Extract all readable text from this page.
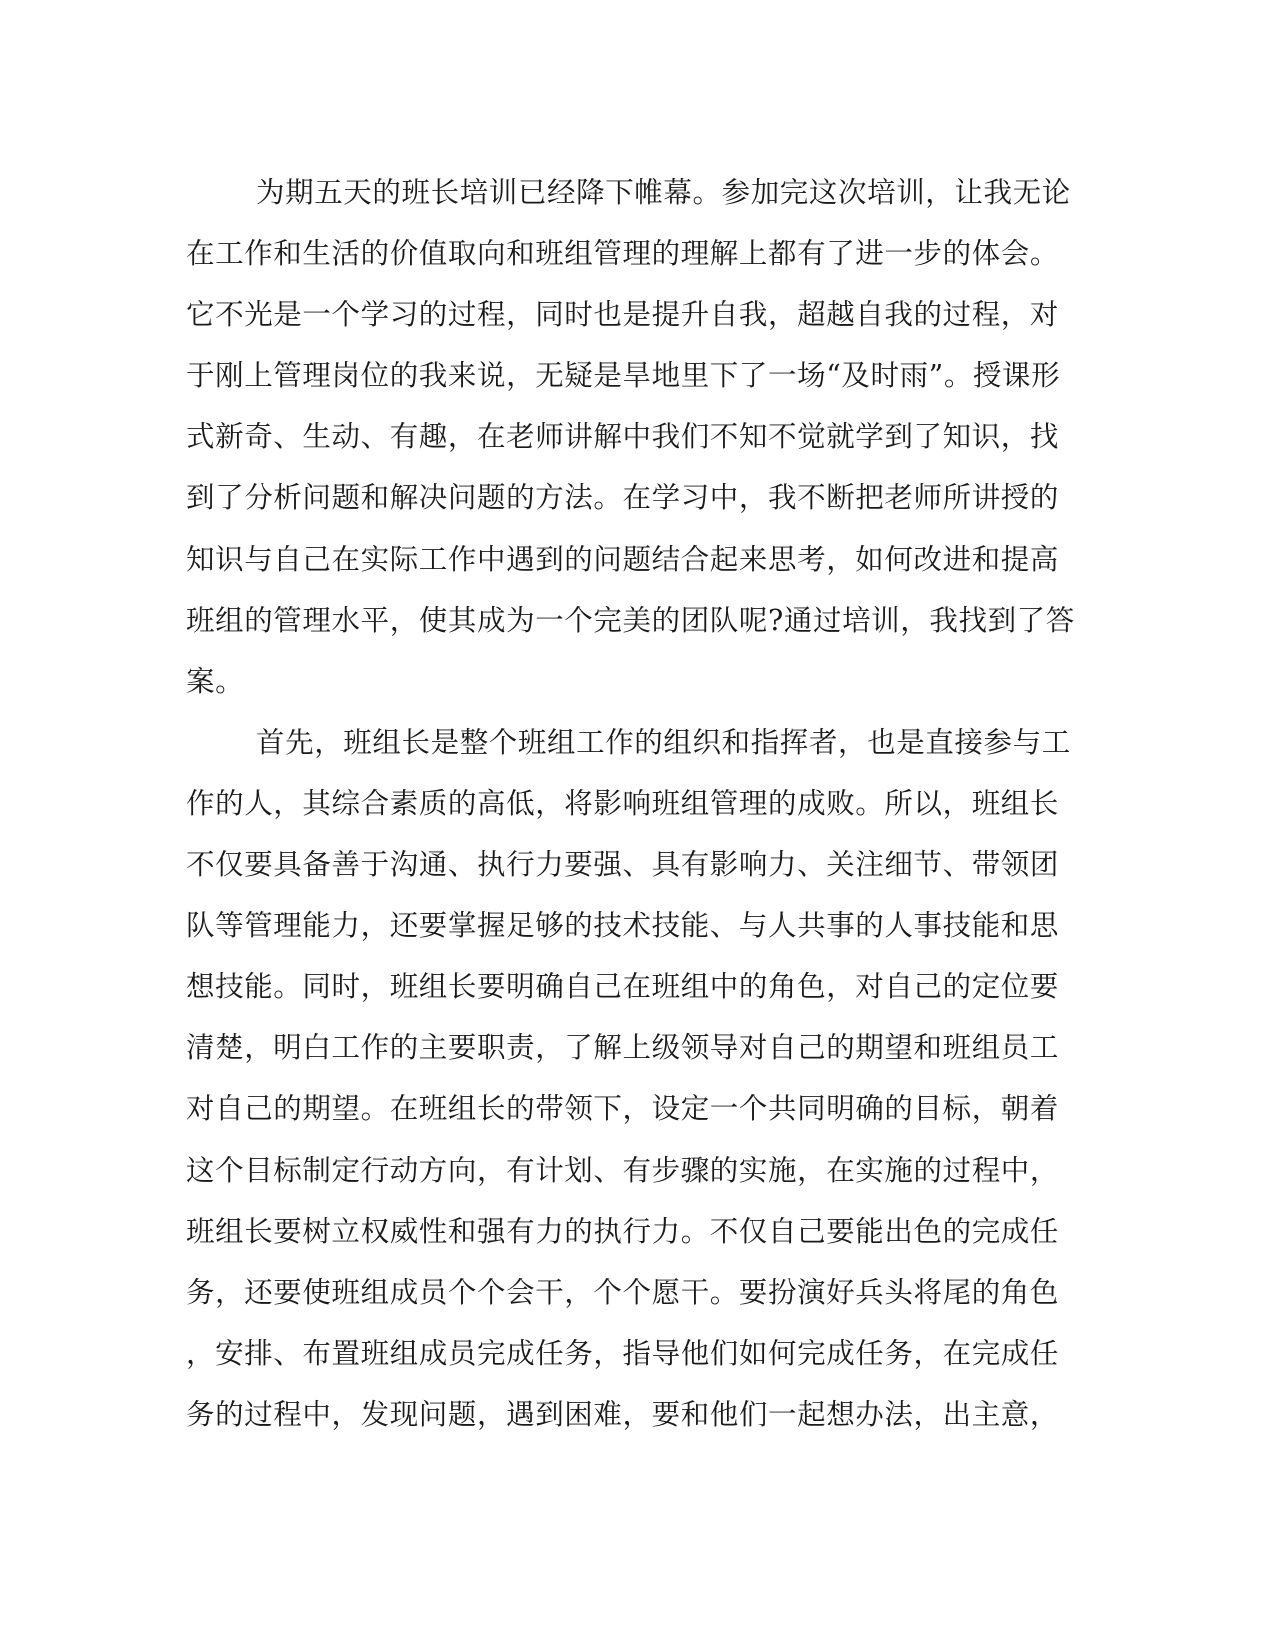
为期五天的班长培训已经降下帷幕。参加完这次培训，让我无论
在工作和生活的价值取向和班组管理的理解上都有了进一步的体会。
它不光是一个学习的过程，同时也是提升自我，超越自我的过程，对
于刚上管理岗位的我来说，无疑是旱地里下了一场“及时雨”。授课形
式新奇、生动、有趣，在老师讲解中我们不知不觉就学到了知识，找
到了分析问题和解决问题的方法。在学习中，我不断把老师所讲授的
知识与自己在实际工作中遇到的问题结合起来思考，如何改进和提高
班组的管理水平，使其成为一个完美的团队呢?通过培训，我找到了答
案。
首先，班组长是整个班组工作的组织和指挥者，也是直接参与工
作的人，其综合素质的高低，将影响班组管理的成败。所以，班组长
不仅要具备善于沟通、执行力要强、具有影响力、关注细节、带领团
队等管理能力，还要掌握足够的技术技能、与人共事的人事技能和思
想技能。同时，班组长要明确自己在班组中的角色，对自己的定位要
清楚，明白工作的主要职责，了解上级领导对自己的期望和班组员工
对自己的期望。在班组长的带领下，设定一个共同明确的目标，朝着
这个目标制定行动方向，有计划、有步骤的实施，在实施的过程中，
班组长要树立权威性和强有力的执行力。不仅自己要能出色的完成任
务，还要使班组成员个个会干，个个愿干。要扮演好兵头将尾的角色
，安排、布置班组成员完成任务，指导他们如何完成任务，在完成任
务的过程中，发现问题，遇到困难，要和他们一起想办法，出主意，
